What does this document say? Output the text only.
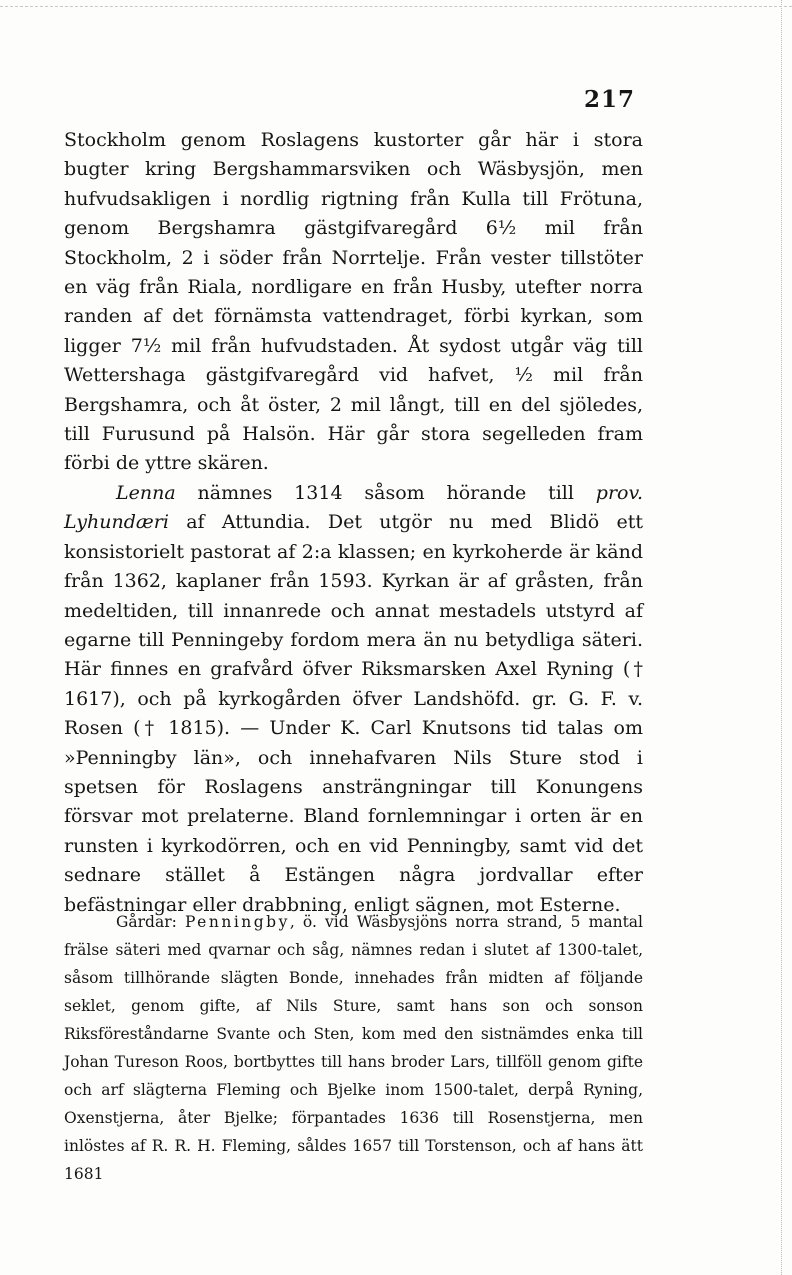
217

Stockholm genom Roslagens kustorter går här i stora bugter kring Bergshammarsviken och Wäsbysjön, men hufvudsakligen i nordlig rigtning från Kulla till Frötuna, genom Bergshamra gästgifvaregård 6½ mil från Stockholm, 2 i söder från Norrtelje. Från vester tillstöter en väg från Riala, nordligare en från Husby, utefter norra randen af det förnämsta vattendraget, förbi kyrkan, som ligger 7½ mil från hufvudstaden. Åt sydost utgår väg till Wettershaga gästgifvaregård vid hafvet, ½ mil från Bergshamra, och åt öster, 2 mil långt, till en del sjöledes, till Furusund på Halsön. Här går stora segelleden fram förbi de yttre skären.

Lenna nämnes 1314 såsom hörande till prov. Lyhundæri af Attundia. Det utgör nu med Blidö ett konsistorielt pastorat af 2:a klassen; en kyrkoherde är känd från 1362, kaplaner från 1593. Kyrkan är af gråsten, från medeltiden, till innanrede och annat mestadels utstyrd af egarne till Penningeby fordom mera än nu betydliga säteri. Här finnes en grafvård öfver Riksmarsken Axel Ryning († 1617), och på kyrkogården öfver Landshöfd. gr. G. F. v. Rosen († 1815). — Under K. Carl Knutsons tid talas om »Penningby län», och innehafvaren Nils Sture stod i spetsen för Roslagens ansträngningar till Konungens försvar mot prelaterne. Bland fornlemningar i orten är en runsten i kyrkodörren, och en vid Penningby, samt vid det sednare stället å Estängen några jordvallar efter befästningar eller drabbning, enligt sägnen, mot Esterne.

Gårdar: Penningby, ö. vid Wäsbysjöns norra strand, 5 mantal frälse säteri med qvarnar och såg, nämnes redan i slutet af 1300-talet, såsom tillhörande slägten Bonde, innehades från midten af följande seklet, genom gifte, af Nils Sture, samt hans son och sonson Riksföreståndarne Svante och Sten, kom med den sistnämdes enka till Johan Tureson Roos, bortbyttes till hans broder Lars, tillföll genom gifte och arf slägterna Fleming och Bjelke inom 1500-talet, derpå Ryning, Oxenstjerna, åter Bjelke; förpantades 1636 till Rosenstjerna, men inlöstes af R. R. H. Fleming, såldes 1657 till Torstenson, och af hans ätt 1681
